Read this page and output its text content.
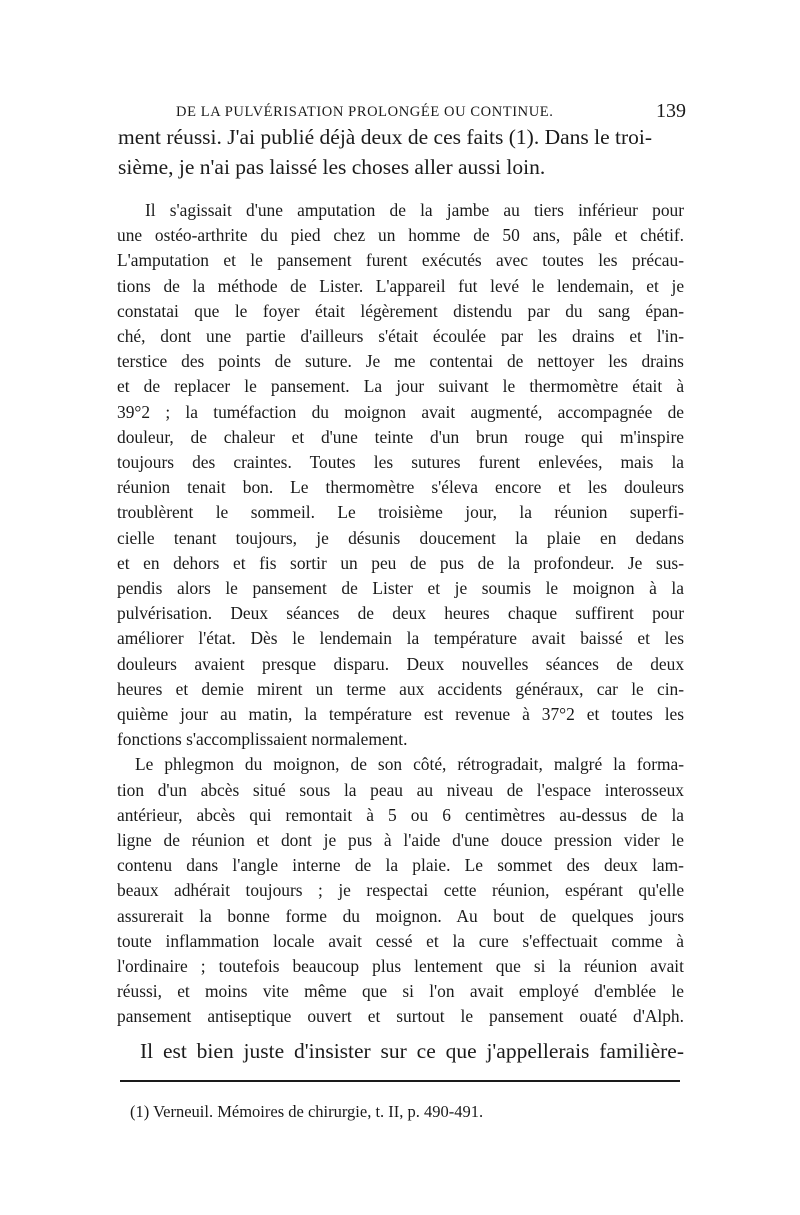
DE LA PULVÉRISATION PROLONGÉE OU CONTINUE.	139
ment réussi. J'ai publié déjà deux de ces faits (1). Dans le troi-
sième, je n'ai pas laissé les choses aller aussi loin.
Il s'agissait d'une amputation de la jambe au tiers inférieur pour
une ostéo-arthrite du pied chez un homme de 50 ans, pâle et chétif.
L'amputation et le pansement furent exécutés avec toutes les précau-
tions de la méthode de Lister. L'appareil fut levé le lendemain, et je
constatai que le foyer était légèrement distendu par du sang épan-
ché, dont une partie d'ailleurs s'était écoulée par les drains et l'in-
terstice des points de suture. Je me contentai de nettoyer les drains
et de replacer le pansement. La jour suivant le thermomètre était à
39°2 ; la tuméfaction du moignon avait augmenté, accompagnée de
douleur, de chaleur et d'une teinte d'un brun rouge qui m'inspire
toujours des craintes. Toutes les sutures furent enlevées, mais la
réunion tenait bon. Le thermomètre s'éleva encore et les douleurs
troublèrent le sommeil. Le troisième jour, la réunion superfi-
cielle tenant toujours, je désunis doucement la plaie en dedans
et en dehors et fis sortir un peu de pus de la profondeur. Je sus-
pendis alors le pansement de Lister et je soumis le moignon à la
pulvérisation. Deux séances de deux heures chaque suffirent pour
améliorer l'état. Dès le lendemain la température avait baissé et les
douleurs avaient presque disparu. Deux nouvelles séances de deux
heures et demie mirent un terme aux accidents généraux, car le cin-
quième jour au matin, la température est revenue à 37°2 et toutes les
fonctions s'accomplissaient normalement.
Le phlegmon du moignon, de son côté, rétrogradait, malgré la forma-
tion d'un abcès situé sous la peau au niveau de l'espace interosseux
antérieur, abcès qui remontait à 5 ou 6 centimètres au-dessus de la
ligne de réunion et dont je pus à l'aide d'une douce pression vider le
contenu dans l'angle interne de la plaie. Le sommet des deux lam-
beaux adhérait toujours ; je respectai cette réunion, espérant qu'elle
assurerait la bonne forme du moignon. Au bout de quelques jours
toute inflammation locale avait cessé et la cure s'effectuait comme à
l'ordinaire ; toutefois beaucoup plus lentement que si la réunion avait
réussi, et moins vite même que si l'on avait employé d'emblée le
pansement antiseptique ouvert et surtout le pansement ouaté d'Alph.
Il est bien juste d'insister sur ce que j'appellerais familière-
(1) Verneuil. Mémoires de chirurgie, t. II, p. 490-491.
